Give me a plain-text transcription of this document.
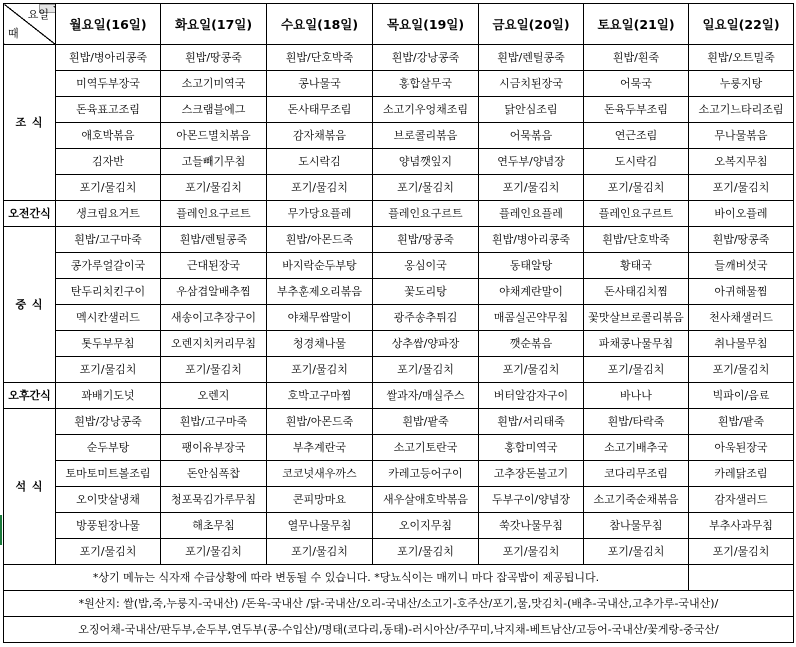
요일
때	월요일(16일)	화요일(17일)	수요일(18일)	목요일(19일)	금요일(20일)	토요일(21일)	일요일(22일)
조 식	흰밥/병아리콩죽	흰밥/땅콩죽	흰밥/단호박죽	흰밥/강낭콩죽	흰밥/렌틸콩죽	흰밥/흰죽	흰밥/오트밀죽
	미역두부장국	소고기미역국	콩나물국	홍합살무국	시금치된장국	어묵국	누룽지탕
	돈육표고조림	스크램블에그	돈사태무조림	소고기우엉채조림	닭안심조림	돈육두부조림	소고기느타리조림
	애호박볶음	아몬드멸치볶음	감자채볶음	브로콜리볶음	어묵볶음	연근조림	무나물볶음
	김자반	고들빼기무침	도시락김	양념깻잎지	연두부/양념장	도시락김	오복지무침
	포기/물김치	포기/물김치	포기/물김치	포기/물김치	포기/물김치	포기/물김치	포기/물김치
오전간식	생크림요거트	플레인요구르트	무가당요플레	플레인요구르트	플레인요플레	플레인요구르트	바이오플레
중 식	흰밥/고구마죽	흰밥/렌틸콩죽	흰밥/아몬드죽	흰밥/땅콩죽	흰밥/병아리콩죽	흰밥/단호박죽	흰밥/땅콩죽
	콩가루얼갈이국	근대된장국	바지락순두부탕	옹심이국	동태알탕	황태국	들깨버섯국
	탄두리치킨구이	우삼겹알배추찜	부추훈제오리볶음	꽃도리탕	야채계란말이	돈사태김치찜	아귀해물찜
	멕시칸샐러드	새송이고추장구이	야채무쌈말이	광주송추튀김	매콤실곤약무침	꽃맛살브로콜리볶음	천사채샐러드
	톳두부무침	오렌지치커리무침	청경채나물	상추쌈/양파장	깻순볶음	파채콩나물무침	취나물무침
	포기/물김치	포기/물김치	포기/물김치	포기/물김치	포기/물김치	포기/물김치	포기/물김치
오후간식	꽈배기도넛	오렌지	호박고구마찜	쌀과자/매실주스	버터알감자구이	바나나	빅파이/음료
석 식	흰밥/강낭콩죽	흰밥/고구마죽	흰밥/아몬드죽	흰밥/팥죽	흰밥/서리태죽	흰밥/타락죽	흰밥/팥죽
	순두부탕	팽이유부장국	부추계란국	소고기토란국	홍합미역국	소고기배추국	아욱된장국
	토마토미트볼조림	돈안심폭찹	코코넛새우까스	카레고등어구이	고추장돈불고기	코다리무조림	카레닭조림
	오이맛살냉채	청포묵김가루무침	콘피망마요	새우살애호박볶음	두부구이/양념장	소고기죽순채볶음	감자샐러드
	방풍된장나물	해초무침	열무나물무침	오이지무침	쑥갓나물무침	참나물무침	부추사과무침
	포기/물김치	포기/물김치	포기/물김치	포기/물김치	포기/물김치	포기/물김치	포기/물김치
*상기 메뉴는 식자재 수급상황에 따라 변동될 수 있습니다. *당뇨식이는 매끼니 마다 잡곡밥이 제공됩니다.							
*원산지: 쌀(밥,죽,누룽지-국내산) /돈육-국내산 /닭-국내산/오리-국내산/소고기-호주산/포기,물,맛김치-(배추-국내산,고추가루-국내산)/							
오징어채-국내산/판두부,순두부,연두부(콩-수입산)/명태(코다리,동태)-러시아산/주꾸미,낙지채-베트남산/고등어-국내산/꽃게랑-중국산/							
